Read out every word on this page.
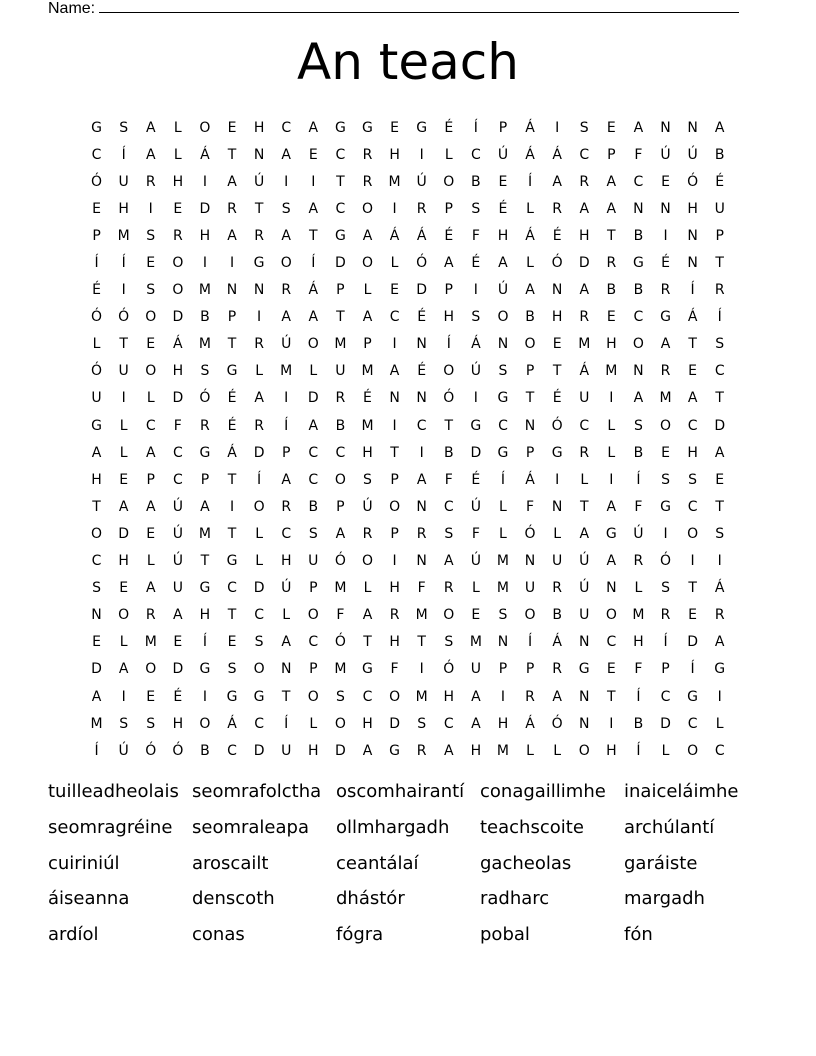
Name:
An teach
G	S	A	L	O	E	H	C	A	G	G	E	G	É	Í	P	Á	I	S	E	A	N	N	A
C	Í	A	L	Á	T	N	A	E	C	R	H	I	L	C	Ú	Á	Á	C	P	F	Ú	Ú	B
Ó	U	R	H	I	A	Ú	I	I	T	R	M	Ú	O	B	E	Í	A	R	A	C	E	Ó	É
E	H	I	E	D	R	T	S	A	C	O	I	R	P	S	É	L	R	A	A	N	N	H	U
P	M	S	R	H	A	R	A	T	G	A	Á	Á	É	F	H	Á	É	H	T	B	I	N	P
Í	Í	E	O	I	I	G	O	Í	D	O	L	Ó	A	É	A	L	Ó	D	R	G	É	N	T
É	I	S	O	M	N	N	R	Á	P	L	E	D	P	I	Ú	A	N	A	B	B	R	Í	R
Ó	Ó	O	D	B	P	I	A	A	T	A	C	É	H	S	O	B	H	R	E	C	G	Á	Í
L	T	E	Á	M	T	R	Ú	O	M	P	I	N	Í	Á	N	O	E	M	H	O	A	T	S
Ó	U	O	H	S	G	L	M	L	U	M	A	É	O	Ú	S	P	T	Á	M	N	R	E	C
U	I	L	D	Ó	É	A	I	D	R	É	N	N	Ó	I	G	T	É	U	I	A	M	A	T
G	L	C	F	R	É	R	Í	A	B	M	I	C	T	G	C	N	Ó	C	L	S	O	C	D
A	L	A	C	G	Á	D	P	C	C	H	T	I	B	D	G	P	G	R	L	B	E	H	A
H	E	P	C	P	T	Í	A	C	O	S	P	A	F	É	Í	Á	I	L	I	Í	S	S	E
T	A	A	Ú	A	I	O	R	B	P	Ú	O	N	C	Ú	L	F	N	T	A	F	G	C	T
O	D	E	Ú	M	T	L	C	S	A	R	P	R	S	F	L	Ó	L	A	G	Ú	I	O	S
C	H	L	Ú	T	G	L	H	U	Ó	O	I	N	A	Ú	M	N	U	Ú	A	R	Ó	I	I
S	E	A	U	G	C	D	Ú	P	M	L	H	F	R	L	M	U	R	Ú	N	L	S	T	Á
N	O	R	A	H	T	C	L	O	F	A	R	M	O	E	S	O	B	U	O	M	R	E	R
E	L	M	E	Í	E	S	A	C	Ó	T	H	T	S	M	N	Í	Á	N	C	H	Í	D	A
D	A	O	D	G	S	O	N	P	M	G	F	I	Ó	U	P	P	R	G	E	F	P	Í	G
A	I	E	É	I	G	G	T	O	S	C	O	M	H	A	I	R	A	N	T	Í	C	G	I
M	S	S	H	O	Á	C	Í	L	O	H	D	S	C	A	H	Á	Ó	N	I	B	D	C	L
Í	Ú	Ó	Ó	B	C	D	U	H	D	A	G	R	A	H	M	L	L	O	H	Í	L	O	C
tuilleadheolais seomrafolctha oscomhairantí conagaillimhe	inaiceláimhe
seomragréine	seomraleapa	ollmhargadh	teachscoite	archúlantí
cuiriniúl	aroscailt	ceantálaí	gacheolas	garáiste
áiseanna	denscoth	dhástór	radharc	margadh
ardíol	conas	fógra	pobal	fón
